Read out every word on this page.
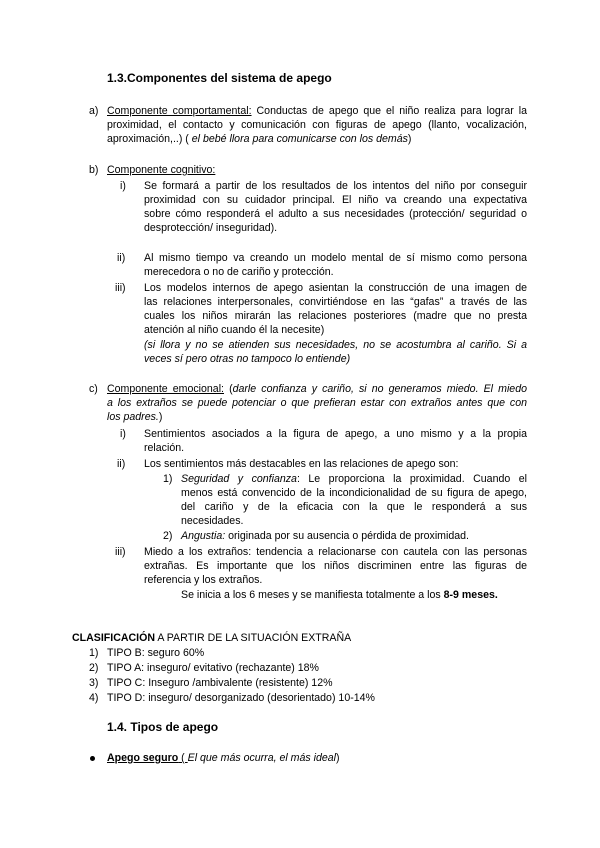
1.3.Componentes del sistema de apego
a) Componente comportamental: Conductas de apego que el niño realiza para lograr la
proximidad, el contacto y comunicación con figuras de apego (llanto, vocalización,
aproximación,..) ( el bebé llora para comunicarse con los demás)
b) Componente cognitivo:
i) Se formará a partir de los resultados de los intentos del niño por conseguir
proximidad con su cuidador principal. El niño va creando una expectativa
sobre cómo responderá el adulto a sus necesidades (protección/ seguridad o
desprotección/ inseguridad).
ii) Al mismo tiempo va creando un modelo mental de sí mismo como persona
merecedora o no de cariño y protección.
iii) Los modelos internos de apego asientan la construcción de una imagen de
las relaciones interpersonales, convirtiéndose en las “gafas” a través de las
cuales los niños mirarán las relaciones posteriores (madre que no presta
atención al niño cuando él la necesite)
(si llora y no se atienden sus necesidades, no se acostumbra al cariño. Si a
veces sí pero otras no tampoco lo entiende)
c) Componente emocional: (darle confianza y cariño, si no generamos miedo. El miedo
a los extraños se puede potenciar o que prefieran estar con extraños antes que con
los padres.)
i) Sentimientos asociados a la figura de apego, a uno mismo y a la propia
relación.
ii) Los sentimientos más destacables en las relaciones de apego son:
1) Seguridad y confianza: Le proporciona la proximidad. Cuando el
menos está convencido de la incondicionalidad de su figura de apego,
del cariño y de la eficacia con la que le responderá a sus
necesidades.
2) Angustia: originada por su ausencia o pérdida de proximidad.
iii) Miedo a los extraños: tendencia a relacionarse con cautela con las personas
extrañas. Es importante que los niños discriminen entre las figuras de
referencia y los extraños.
Se inicia a los 6 meses y se manifiesta totalmente a los 8-9 meses.
CLASIFICACIÓN A PARTIR DE LA SITUACIÓN EXTRAÑA
1) TIPO B: seguro 60%
2) TIPO A: inseguro/ evitativo (rechazante) 18%
3) TIPO C: Inseguro /ambivalente (resistente) 12%
4) TIPO D: inseguro/ desorganizado (desorientado) 10-14%
1.4. Tipos de apego
Apego seguro ( El que más ocurra, el más ideal)
